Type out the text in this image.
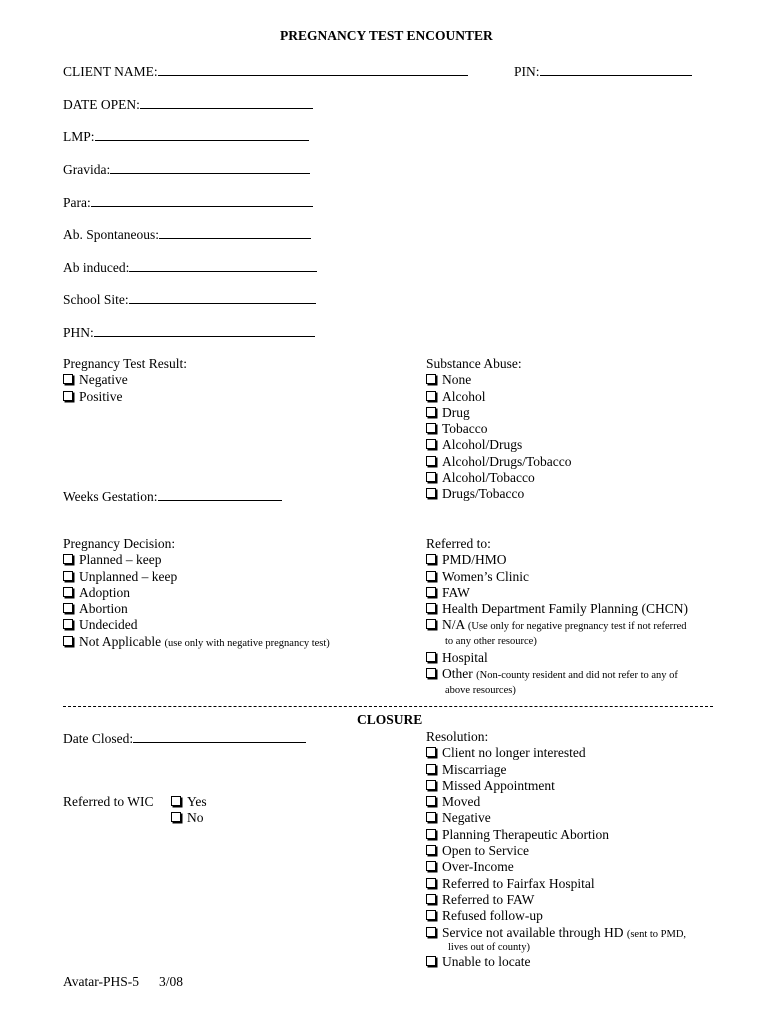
PREGNANCY TEST ENCOUNTER
CLIENT NAME:	PIN:
DATE OPEN:
LMP:
Gravida:
Para:
Ab. Spontaneous:
Ab induced:
School Site:
PHN:
Pregnancy Test Result:
Negative
Positive
Substance Abuse:
None
Alcohol
Drug
Tobacco
Alcohol/Drugs
Alcohol/Drugs/Tobacco
Alcohol/Tobacco
Drugs/Tobacco
Weeks Gestation:
Pregnancy Decision:
Planned – keep
Unplanned – keep
Adoption
Abortion
Undecided
Not Applicable (use only with negative pregnancy test)
Referred to:
PMD/HMO
Women’s Clinic
FAW
Health Department Family Planning (CHCN)
N/A (Use only for negative pregnancy test if not referred
to any other resource)
Hospital
Other (Non-county resident and did not refer to any of
above resources)
CLOSURE
Date Closed:
Referred to WIC	Yes
No
Resolution:
Client no longer interested
Miscarriage
Missed Appointment
Moved
Negative
Planning Therapeutic Abortion
Open to Service
Over-Income
Referred to Fairfax Hospital
Referred to FAW
Refused follow-up
Service not available through HD (sent to PMD,
lives out of county)
Unable to locate
Avatar-PHS-5 3/08
